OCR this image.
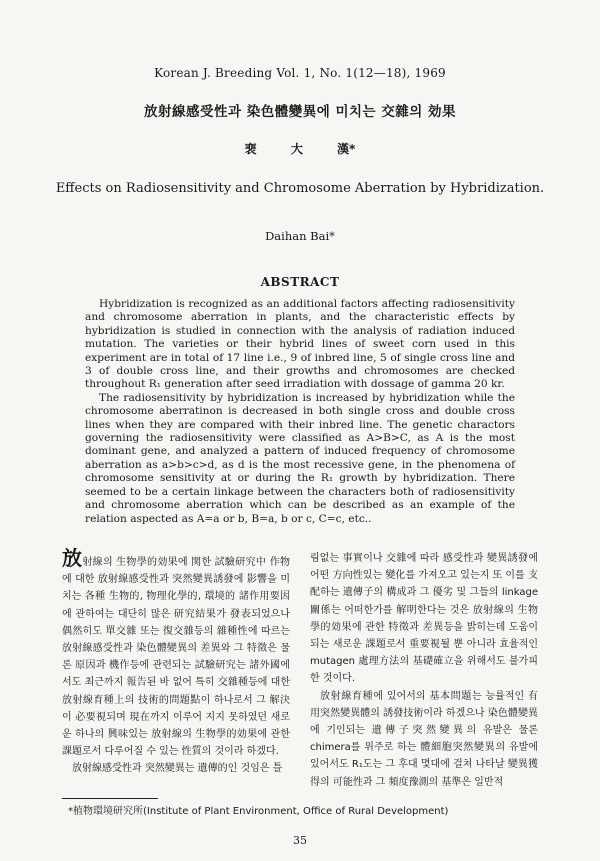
Korean J. Breeding Vol. 1, No. 1(12—18), 1969
放射線感受性과 染色體變異에 미치는 交雜의 効果
裵 大 漢*
Effects on Radiosensitivity and Chromosome Aberration by Hybridization.
Daihan Bai*
ABSTRACT

Hybridization is recognized as an additional factors affecting radiosensitivity and chromosome aberration in plants, and the characteristic effects by hybridization is studied in connection with the analysis of radiation induced mutation. The varieties or their hybrid lines of sweet corn used in this experiment are in total of 17 line i.e., 9 of inbred line, 5 of single cross line and 3 of double cross line, and their growths and chromosomes are checked throughout R₁ generation after seed irradiation with dossage of gamma 20 kr.

The radiosensitivity by hybridization is increased by hybridization while the chromosome aberratinon is decreased in both single cross and double cross lines when they are compared with their inbred line. The genetic charactors governing the radiosensitivity were classified as A>B>C, as A is the most dominant gene, and analyzed a pattern of induced frequency of chromosome aberration as a>b>c>d, as d is the most recessive gene, in the phenomena of chromosome sensitivity at or during the R₁ growth by hybridization. There seemed to be a certain linkage between the characters both of radiosensitivity and chromosome aberration which can be described as an example of the relation aspected as A=a or b, B=a, b or c, C=c, etc..

放射線의 生物學的効果에 関한 試驗研究中 作物에 대한 放射線感受性과 突然變異誘發에 影響을 미치는 各種 生物的, 物理化學的, 環境的 諸作用要因에 관하여는 대단히 많은 研究結果가 發表되었으나 偶然히도 單交雜 또는 復交雜등의 雜種性에 따르는 放射線感受性과 染色體變異의 差異와 그 特徵은 물론 原因과 機作등에 관련되는 試驗研究는 諸外國에서도 최근까지 報告된 바 없어 특히 交雜種등에 대한 放射線育種上의 技術的問題點이 하나로서 그 解決이 必要視되며 現在까지 이루어 지지 못하였던 새로운 하나의 興味있는 放射線의 生物學的効果에 관한 課題로서 다루어질 수 있는 性質의 것이라 하겠다.

放射線感受性과 突然變異는 遺傳的인 것임은 틀

림없는 事實이나 交雜에 따라 感受性과 變異誘發에 어떤 方向性있는 變化를 가져오고 있는지 또 이를 支配하는 遺傳子의 構成과 그 優劣 및 그들의 linkage 關係는 어떠한가를 解明한다는 것은 放射線의 生物學的効果에 관한 特徵과 差異등을 밝히는데 도움이 되는 새로운 課題로서 重要視될 뿐 아니라 효율적인 mutagen 處理方法의 基礎確立을 위해서도 불가피한 것이다.

放射線育種에 있어서의 基本問題는 능률적인 有用突然變異體의 誘發技術이라 하겠으나 染色體變異에 기인되는 遺傳子突然變異의 유발은 물론 chimera를 위주로 하는 體細胞突然變異의 유발에 있어서도 R₁도는 그 후대 몇대에 걸쳐 나타날 變異獲得의 可能性과 그 頻度豫測의 基準은 일반적

*植物環境研究所(Institute of Plant Environment, Office of Rural Development)
35
